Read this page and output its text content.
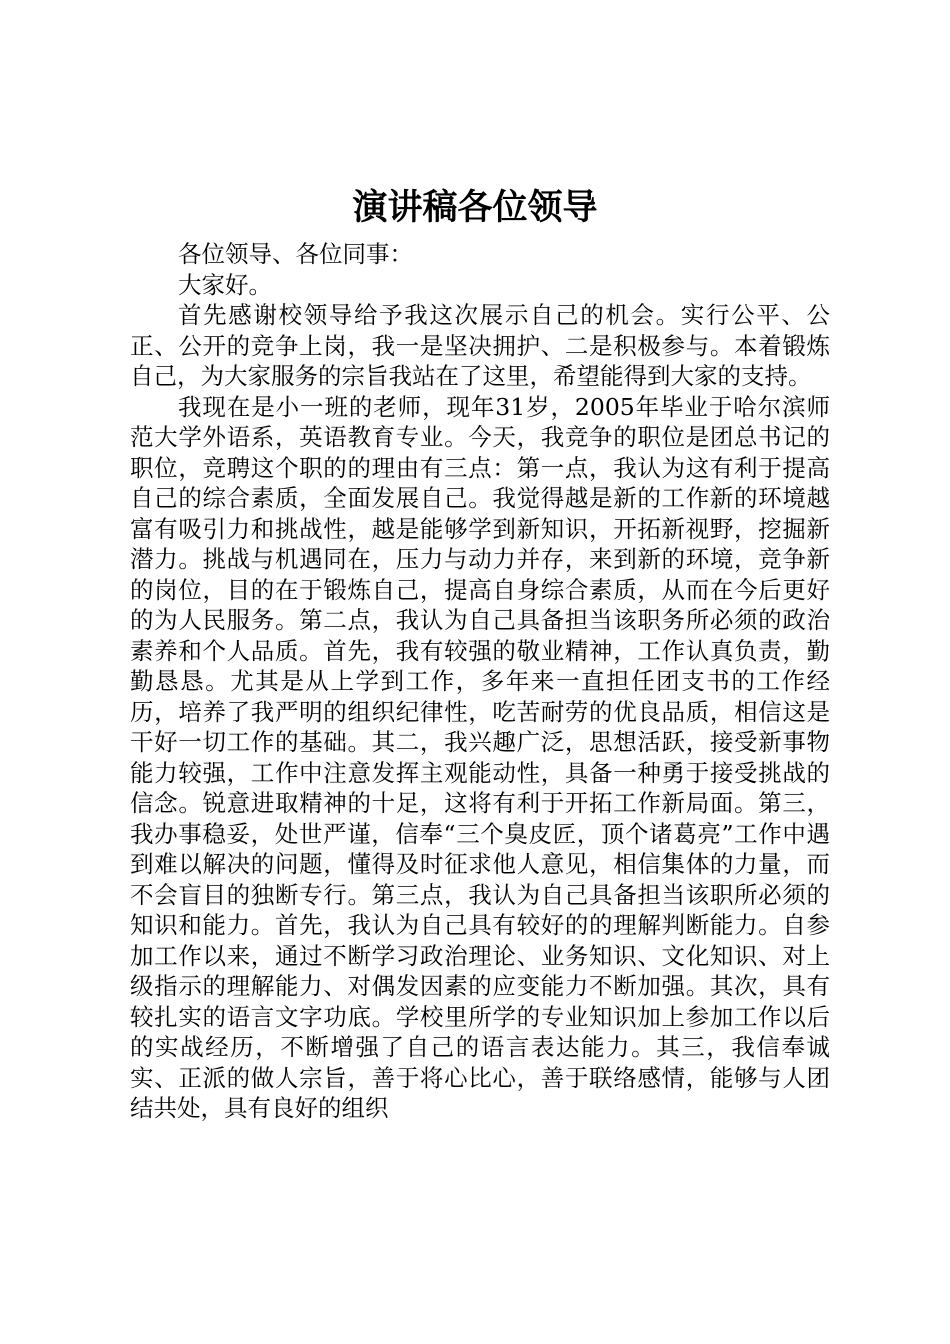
演讲稿各位领导

各位领导、各位同事：

大家好。

首先感谢校领导给予我这次展示自己的机会。实行公平、公正、公开的竞争上岗，我一是坚决拥护、二是积极参与。本着锻炼自己，为大家服务的宗旨我站在了这里，希望能得到大家的支持。

我现在是小一班的老师，现年31岁，2005年毕业于哈尔滨师范大学外语系，英语教育专业。今天，我竞争的职位是团总书记的职位，竞聘这个职的的理由有三点：第一点，我认为这有利于提高自己的综合素质，全面发展自己。我觉得越是新的工作新的环境越富有吸引力和挑战性，越是能够学到新知识，开拓新视野，挖掘新潜力。挑战与机遇同在，压力与动力并存，来到新的环境，竞争新的岗位，目的在于锻炼自己，提高自身综合素质，从而在今后更好的为人民服务。第二点，我认为自己具备担当该职务所必须的政治素养和个人品质。首先，我有较强的敬业精神，工作认真负责，勤勤恳恳。尤其是从上学到工作，多年来一直担任团支书的工作经历，培养了我严明的组织纪律性，吃苦耐劳的优良品质，相信这是干好一切工作的基础。其二，我兴趣广泛，思想活跃，接受新事物能力较强，工作中注意发挥主观能动性，具备一种勇于接受挑战的信念。锐意进取精神的十足，这将有利于开拓工作新局面。第三，我办事稳妥，处世严谨，信奉“三个臭皮匠，顶个诸葛亮”工作中遇到难以解决的问题，懂得及时征求他人意见，相信集体的力量，而不会盲目的独断专行。第三点，我认为自己具备担当该职所必须的知识和能力。首先，我认为自己具有较好的的理解判断能力。自参加工作以来，通过不断学习政治理论、业务知识、文化知识、对上级指示的理解能力、对偶发因素的应变能力不断加强。其次，具有较扎实的语言文字功底。学校里所学的专业知识加上参加工作以后的实战经历，不断增强了自己的语言表达能力。其三，我信奉诚实、正派的做人宗旨，善于将心比心，善于联络感情，能够与人团结共处，具有良好的组织
